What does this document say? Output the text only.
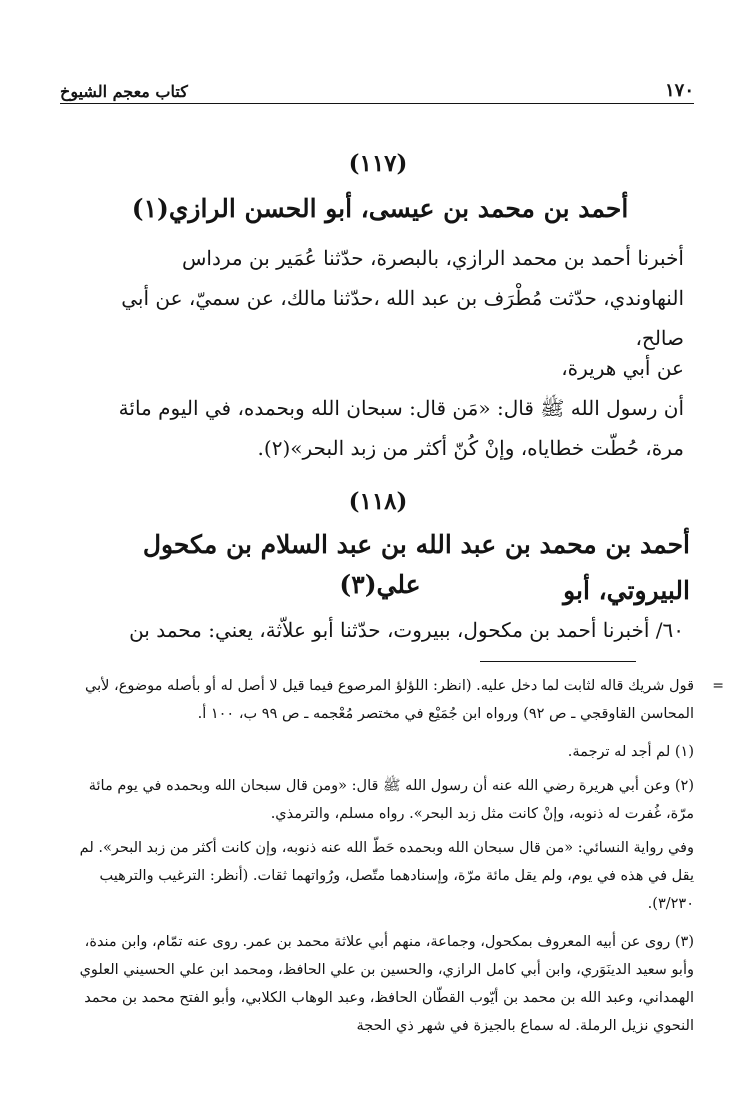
كتاب معجم الشيوخ	١٧٠
(١١٧)
أحمد بن محمد بن عيسى، أبو الحسن الرازي(١)
أخبرنا أحمد بن محمد الرازي، بالبصرة، حدّثنا عُمَير بن مرداس
النهاوندي، حدّثت مُطْرَف بن عبد الله ،حدّثنا مالك، عن سميّ، عن أبي
صالح،
عن أبي هريرة،
أن رسول الله ﷺ قال: «مَن قال: سبحان الله وبحمده، في اليوم مائة
مرة، حُطّت خطاياه، وإنْ كُنّ أكثر من زبد البحر»(٢).
(١١٨)
أحمد بن محمد بن عبد الله بن عبد السلام بن مكحول البيروتي، أبو
علي(٣)
٦٠/ أخبرنا أحمد بن مكحول، ببيروت، حدّثنا أبو علاّثة، يعني: محمد بن
=

قول شريك قاله لثابت لما دخل عليه. (انظر: اللؤلؤ المرصوع فيما قيل لا أصل له أو بأصله موضوع، لأبي المحاسن القاوقجي ـ ص ٩٢) ورواه ابن جُمَيْع في مختصر مُعْجمه ـ ص ٩٩ ب، ١٠٠ أ.

(١) لم أجد له ترجمة.

(٢) وعن أبي هريرة رضي الله عنه أن رسول الله ﷺ قال: «ومن قال سبحان الله وبحمده في يوم مائة مرّة، غُفرت له ذنوبه، وإنْ كانت مثل زبد البحر». رواه مسلم، والترمذي.

وفي رواية النسائي: «من قال سبحان الله وبحمده حَطّ الله عنه ذنوبه، وإن كانت أكثر من زبد البحر». لم يقل في هذه في يوم، ولم يقل مائة مرّة، وإسنادهما متّصل، ورُواتهما ثقات. (أنظر: الترغيب والترهيب ٣/٢٣٠).

(٣) روى عن أبيه المعروف بمكحول، وجماعة، منهم أبي علاثة محمد بن عمر. روى عنه تمّام، وابن مندة، وأبو سعيد الدينَوَري، وابن أبي كامل الرازي، والحسين بن علي الحافظ، ومحمد ابن علي الحسيني العلوي الهمداني، وعبد الله بن محمد بن أيّوب القطّان الحافظ، وعبد الوهاب الكلابي، وأبو الفتح محمد بن محمد النحوي نزيل الرملة. له سماع بالجيزة في شهر ذي الحجة
